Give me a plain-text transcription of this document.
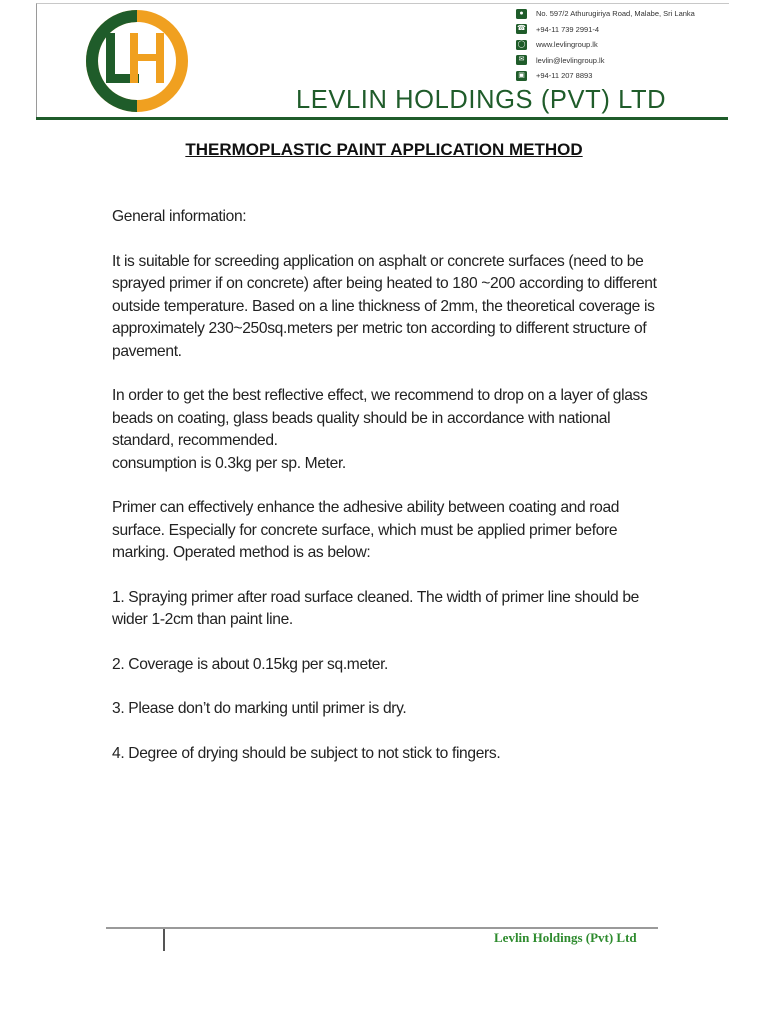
●	No. 597/2 Athurugiriya Road, Malabe, Sri Lanka
☎ +94-11 739 2991-4
◯ www.levlingroup.lk
✉	levlin@levlingroup.lk
▣ +94-11 207 8893
LEVLIN HOLDINGS (PVT) LTD
THERMOPLASTIC PAINT APPLICATION METHOD
General information:

It is suitable for screeding application on asphalt or concrete surfaces (need to be sprayed primer if on concrete) after being heated to 180 ~200 according to different outside temperature. Based on a line thickness of 2mm, the theoretical coverage is approximately 230~250sq.meters per metric ton according to different structure of pavement.

In order to get the best reflective effect, we recommend to drop on a layer of glass beads on coating, glass beads quality should be in accordance with national standard, recommended.

consumption is 0.3kg per sp. Meter.

Primer can effectively enhance the adhesive ability between coating and road surface. Especially for concrete surface, which must be applied primer before marking. Operated method is as below:

1. Spraying primer after road surface cleaned. The width of primer line should be wider 1-2cm than paint line.

2. Coverage is about 0.15kg per sq.meter.

3. Please don’t do marking until primer is dry.

4. Degree of drying should be subject to not stick to fingers.

Levlin Holdings (Pvt) Ltd
